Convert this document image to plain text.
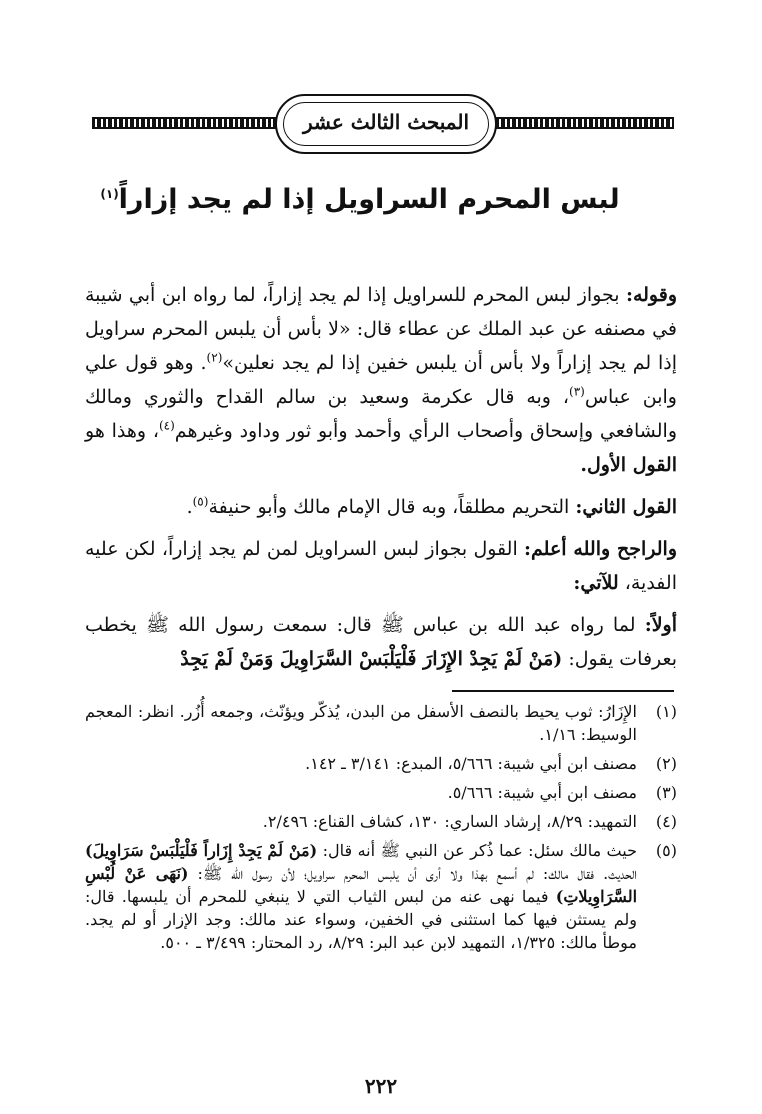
المبحث الثالث عشر
لبس المحرم السراويل إذا لم يجد إزاراً$^{(١)}$

وقوله: بجواز لبس المحرم للسراويل إذا لم يجد إزاراً، لما رواه ابن أبي شيبة في مصنفه عن عبد الملك عن عطاء قال: «لا بأس أن يلبس المحرم سراويل إذا لم يجد إزاراً ولا بأس أن يلبس خفين إذا لم يجد نعلين»$^{(٢)}$. وهو قول علي وابن عباس$^{(٣)}$، وبه قال عكرمة وسعيد بن سالم القداح والثوري ومالك والشافعي وإسحاق وأصحاب الرأي وأحمد وأبو ثور وداود وغيرهم$^{(٤)}$، وهذا هو القول الأول.

القول الثاني: التحريم مطلقاً، وبه قال الإمام مالك وأبو حنيفة$^{(٥)}$.

والراجح والله أعلم: القول بجواز لبس السراويل لمن لم يجد إزاراً، لكن عليه الفدية، للآتي:

أولاً: لما رواه عبد الله بن عباس ﷺ قال: سمعت رسول الله ﷺ يخطب بعرفات يقول: (مَنْ لَمْ يَجِدْ الإِزَارَ فَلْيَلْبَسْ السَّرَاوِيلَ وَمَنْ لَمْ يَجِدْ

(١)
الإِزَارُ: ثوب يحيط بالنصف الأسفل من البدن، يُذكّر ويؤنّث، وجمعه أُزُر. انظر: المعجم الوسيط: ١/١٦.
(٢)
مصنف ابن أبي شيبة: ٥/٦٦٦، المبدع: ٣/١٤١ ـ ١٤٢.
(٣)
مصنف ابن أبي شيبة: ٥/٦٦٦.
(٤)
التمهيد: ٨/٢٩، إرشاد الساري: ١٣٠، كشاف القناع: ٢/٤٩٦.
(٥)
حيث مالك سئل: عما ذُكر عن النبي ﷺ أنه قال: (مَنْ لَمْ يَجِدْ إِزَاراً فَلْيَلْبَسْ سَرَاوِيلَ) الحديث. فقال مالك: لم أسمع بهذا ولا أرى أن يلبس المحرم سراويل؛ لأن رسول الله ﷺ: (نَهَى عَنْ لُبْسِ السَّرَاوِيلاتِ) فيما نهى عنه من لبس الثياب التي لا ينبغي للمحرم أن يلبسها. قال: ولم يستثن فيها كما استثنى في الخفين، وسواء عند مالك: وجد الإزار أو لم يجد. موطأ مالك: ١/٣٢٥، التمهيد لابن عبد البر: ٨/٢٩، رد المحتار: ٣/٤٩٩ ـ ٥٠٠.
٢٢٢
